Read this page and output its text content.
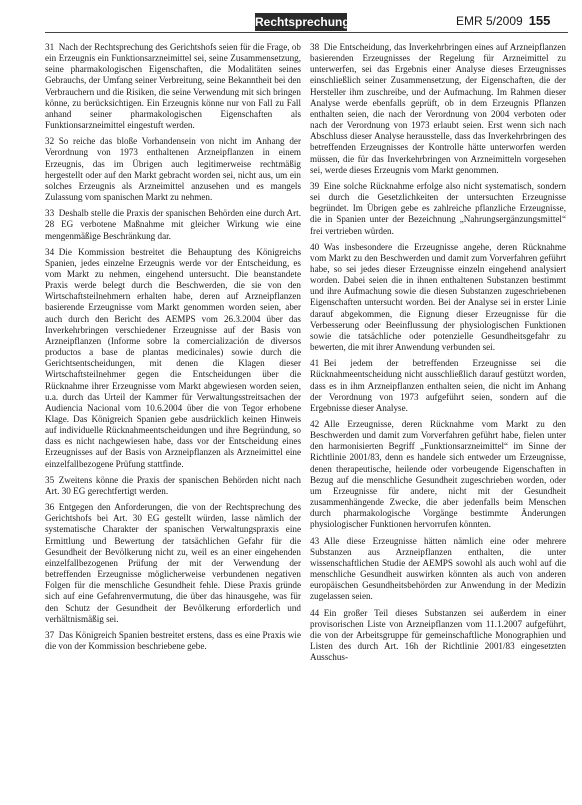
Rechtsprechung	EMR 5/2009 155

31  Nach der Rechtsprechung des Gerichtshofs seien für die Frage, ob ein Erzeugnis ein Funktionsarzneimittel sei, seine Zusammensetzung, seine pharmakologischen Eigenschaften, die Modalitäten seines Gebrauchs, der Umfang seiner Verbreitung, seine Bekanntheit bei den Verbrauchern und die Risiken, die seine Verwendung mit sich bringen könne, zu berücksichtigen. Ein Erzeugnis könne nur von Fall zu Fall anhand seiner pharmakologischen Eigenschaften als Funktionsarzneimittel eingestuft werden.

32  So reiche das bloße Vorhandensein von nicht im Anhang der Verordnung von 1973 enthaltenen Arzneipflanzen in einem Erzeugnis, das im Übrigen auch legitimerweise rechtmäßig hergestellt oder auf den Markt gebracht worden sei, nicht aus, um ein solches Erzeugnis als Arzneimittel anzusehen und es mangels Zulassung vom spanischen Markt zu nehmen.

33  Deshalb stelle die Praxis der spanischen Behörden eine durch Art. 28 EG verbotene Maßnahme mit gleicher Wirkung wie eine mengenmäßige Beschränkung dar.

34  Die Kommission bestreitet die Behauptung des Königreichs Spanien, jedes einzelne Erzeugnis werde vor der Entscheidung, es vom Markt zu nehmen, eingehend untersucht. Die beanstandete Praxis werde belegt durch die Beschwerden, die sie von den Wirtschaftsteilnehmern erhalten habe, deren auf Arzneipflanzen basierende Erzeugnisse vom Markt genommen worden seien, aber auch durch den Bericht des AEMPS vom 26.3.2004 über das Inverkehrbringen verschiedener Erzeugnisse auf der Basis von Arzneipflanzen (Informe sobre la comercialización de diversos productos a base de plantas medicinales) sowie durch die Gerichtsentscheidungen, mit denen die Klagen dieser Wirtschaftsteilnehmer gegen die Entscheidungen über die Rücknahme ihrer Erzeugnisse vom Markt abgewiesen worden seien, u.a. durch das Urteil der Kammer für Verwaltungsstreitsachen der Audiencia Nacional vom 10.6.2004 über die von Tegor erhobene Klage. Das Königreich Spanien gebe ausdrücklich keinen Hinweis auf individuelle Rücknahmeentscheidungen und ihre Begründung, so dass es nicht nachgewiesen habe, dass vor der Entscheidung eines Erzeugnisses auf der Basis von Arzneipflanzen als Arzneimittel eine einzelfallbezogene Prüfung stattfinde.

35  Zweitens könne die Praxis der spanischen Behörden nicht nach Art. 30 EG gerechtfertigt werden.

36  Entgegen den Anforderungen, die von der Rechtsprechung des Gerichtshofs bei Art. 30 EG gestellt würden, lasse nämlich der systematische Charakter der spanischen Verwaltungspraxis eine Ermittlung und Bewertung der tatsächlichen Gefahr für die Gesundheit der Bevölkerung nicht zu, weil es an einer eingehenden einzelfallbezogenen Prüfung der mit der Verwendung der betreffenden Erzeugnisse möglicherweise verbundenen negativen Folgen für die menschliche Gesundheit fehle. Diese Praxis gründe sich auf eine Gefahrenvermutung, die über das hinausgehe, was für den Schutz der Gesundheit der Bevölkerung erforderlich und verhältnismäßig sei.

37  Das Königreich Spanien bestreitet erstens, dass es eine Praxis wie die von der Kommission beschriebene gebe.

38  Die Entscheidung, das Inverkehrbringen eines auf Arzneipflanzen basierenden Erzeugnisses der Regelung für Arzneimittel zu unterwerfen, sei das Ergebnis einer Analyse dieses Erzeugnisses einschließlich seiner Zusammensetzung, der Eigenschaften, die der Hersteller ihm zuschreibe, und der Aufmachung. Im Rahmen dieser Analyse werde ebenfalls geprüft, ob in dem Erzeugnis Pflanzen enthalten seien, die nach der Verordnung von 2004 verboten oder nach der Verordnung von 1973 erlaubt seien. Erst wenn sich nach Abschluss dieser Analyse herausstelle, dass das Inverkehrbringen des betreffenden Erzeugnisses der Kontrolle hätte unterworfen werden müssen, die für das Inverkehrbringen von Arzneimitteln vorgesehen sei, werde dieses Erzeugnis vom Markt genommen.

39  Eine solche Rücknahme erfolge also nicht systematisch, sondern sei durch die Gesetzlichkeiten der untersuchten Erzeugnisse begründet. Im Übrigen gebe es zahlreiche pflanzliche Erzeugnisse, die in Spanien unter der Bezeichnung „Nahrungsergänzungsmittel“ frei vertrieben würden.

40  Was insbesondere die Erzeugnisse angehe, deren Rücknahme vom Markt zu den Beschwerden und damit zum Vorverfahren geführt habe, so sei jedes dieser Erzeugnisse einzeln eingehend analysiert worden. Dabei seien die in ihnen enthaltenen Substanzen bestimmt und ihre Aufmachung sowie die diesen Substanzen zugeschriebenen Eigenschaften untersucht worden. Bei der Analyse sei in erster Linie darauf abgekommen, die Eignung dieser Erzeugnisse für die Verbesserung oder Beeinflussung der physiologischen Funktionen sowie die tatsächliche oder potenzielle Gesundheitsgefahr zu bewerten, die mit ihrer Anwendung verbunden sei.

41  Bei jedem der betreffenden Erzeugnisse sei die Rücknahmeentscheidung nicht ausschließlich darauf gestützt worden, dass es in ihm Arzneipflanzen enthalten seien, die nicht im Anhang der Verordnung von 1973 aufgeführt seien, sondern auf die Ergebnisse dieser Analyse.

42  Alle Erzeugnisse, deren Rücknahme vom Markt zu den Beschwerden und damit zum Vorverfahren geführt habe, fielen unter den harmonisierten Begriff „Funktionsarzneimittel“ im Sinne der Richtlinie 2001/83, denn es handele sich entweder um Erzeugnisse, denen therapeutische, heilende oder vorbeugende Eigenschaften in Bezug auf die menschliche Gesundheit zugeschrieben worden, oder um Erzeugnisse für andere, nicht mit der Gesundheit zusammenhängende Zwecke, die aber jedenfalls beim Menschen durch pharmakologische Vorgänge bestimmte Änderungen physiologischer Funktionen hervorrufen könnten.

43  Alle diese Erzeugnisse hätten nämlich eine oder mehrere Substanzen aus Arzneipflanzen enthalten, die unter wissenschaftlichen Studie der AEMPS sowohl als auch wohl auf die menschliche Gesundheit auswirken könnten als auch von anderen europäischen Gesundheitsbehörden zur Anwendung in der Medizin zugelassen seien.

44  Ein großer Teil dieses Substanzen sei außerdem in einer provisorischen Liste von Arzneipflanzen vom 11.1.2007 aufgeführt, die von der Arbeitsgruppe für gemeinschaftliche Monographien und Listen des durch Art. 16h der Richtlinie 2001/83 eingesetzten Ausschus-
